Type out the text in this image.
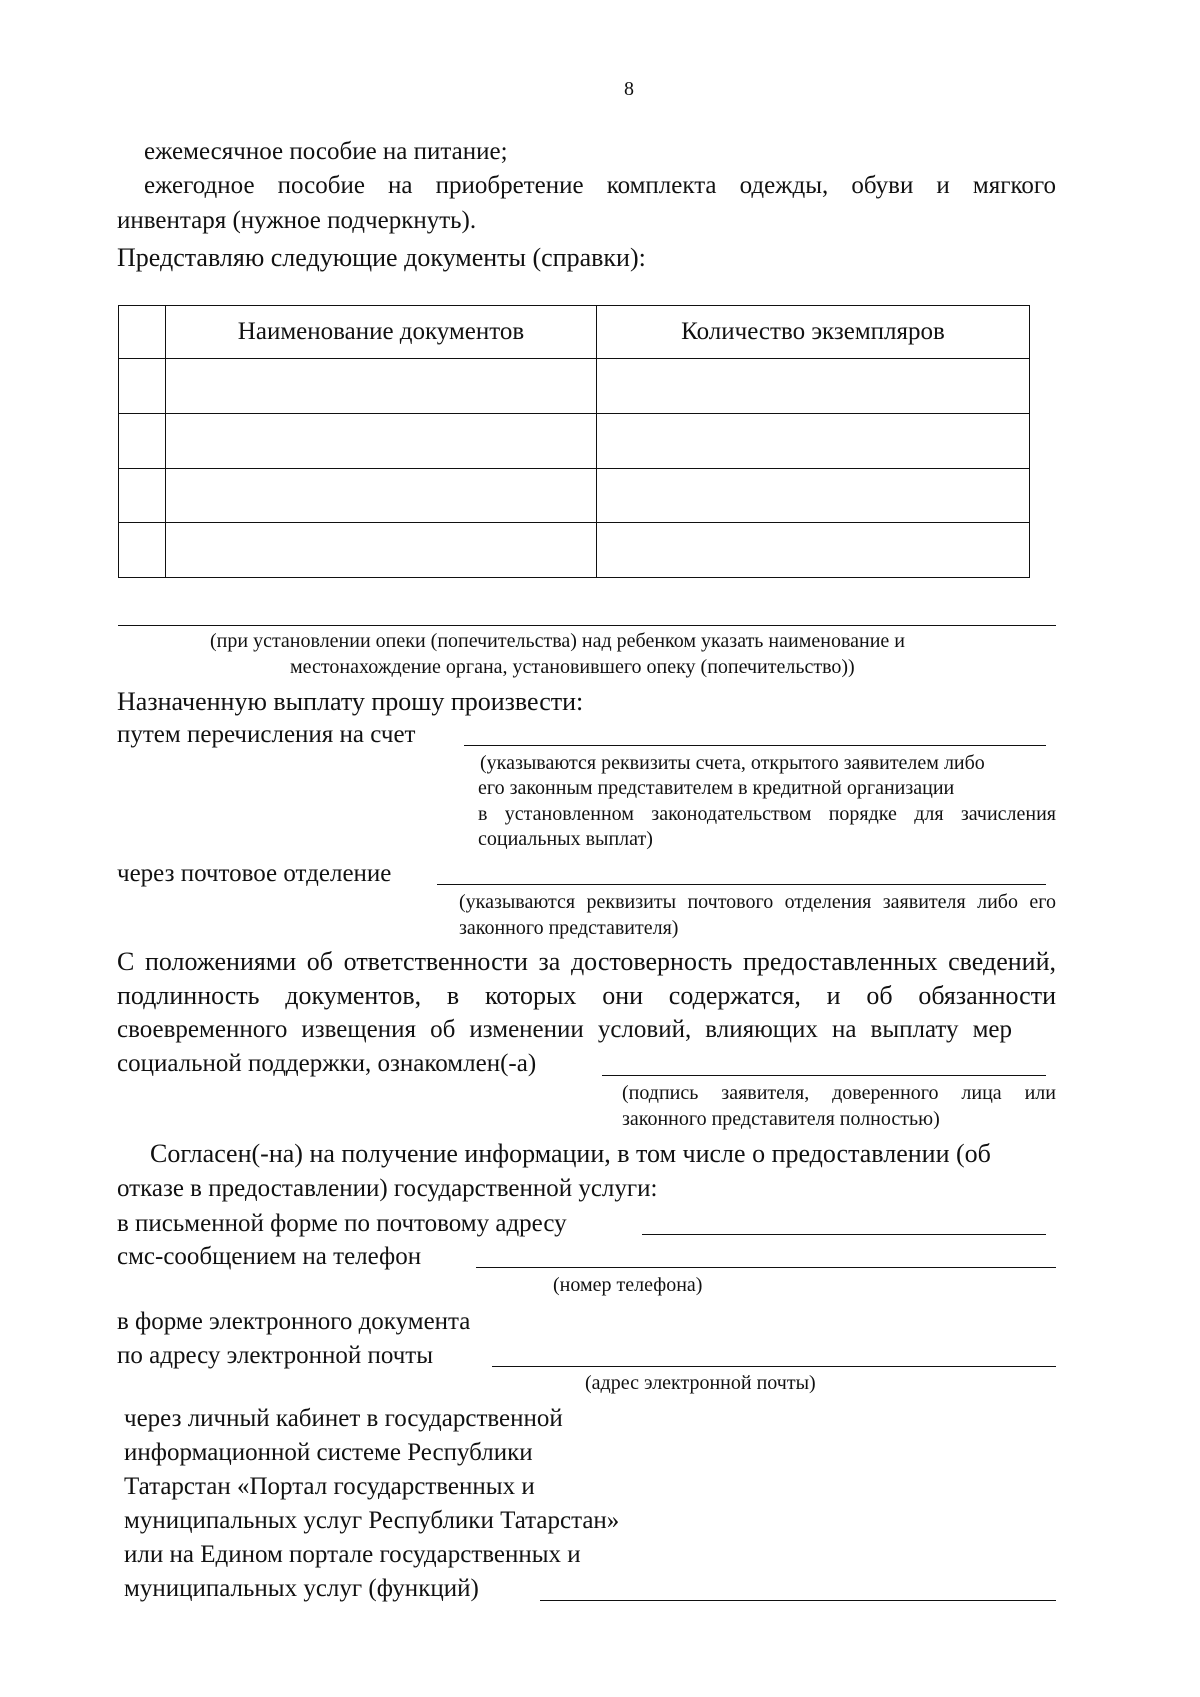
8
ежемесячное пособие на питание;
ежегодное пособие на приобретение комплекта одежды, обуви и мягкого
инвентаря (нужное подчеркнуть).
Представляю следующие документы (справки):
	Наименование документов	Количество экземпляров

(при установлении опеки (попечительства) над ребенком указать наименование и
местонахождение органа, установившего опеку (попечительство))
Назначенную выплату прошу произвести:
путем перечисления на счет
(указываются реквизиты счета, открытого заявителем либо
его законным представителем в кредитной организации
в установленном законодательством порядке для зачисления
социальных выплат)
через почтовое отделение
(указываются реквизиты почтового отделения заявителя либо его
законного представителя)
С положениями об ответственности за достоверность предоставленных сведений,
подлинность документов, в которых они содержатся, и об обязанности
своевременного извещения об изменении условий, влияющих на выплату мер
социальной поддержки, ознакомлен(-а)
(подпись заявителя, доверенного лица или
законного представителя полностью)
Согласен(-на) на получение информации, в том числе о предоставлении (об
отказе в предоставлении) государственной услуги:
в письменной форме по почтовому адресу
смс-сообщением на телефон
(номер телефона)
в форме электронного документа
по адресу электронной почты
(адрес электронной почты)
через личный кабинет в государственной
информационной системе Республики
Татарстан «Портал государственных и
муниципальных услуг Республики Татарстан»
или на Едином портале государственных и
муниципальных услуг (функций)
